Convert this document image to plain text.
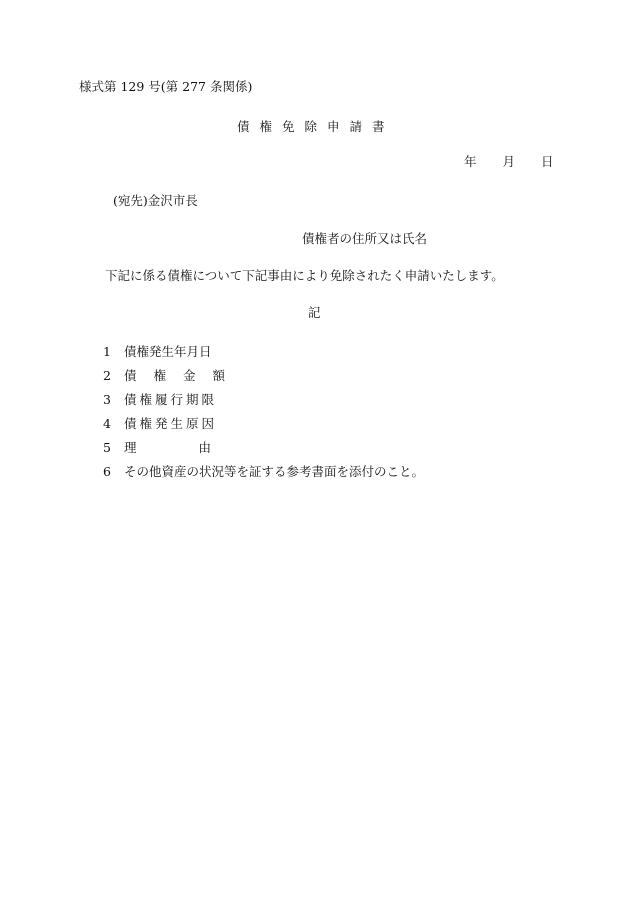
様式第 129 号(第 277 条関係)
債権免除申請書
年 月 日
(宛先)金沢市長
債権者の住所又は氏名
下記に係る債権について下記事由により免除されたく申請いたします。
記
1 債権発生年月日
2 債権金額
3 債権履行期限
4 債権発生原因
5 理由
6 その他資産の状況等を証する参考書面を添付のこと。
